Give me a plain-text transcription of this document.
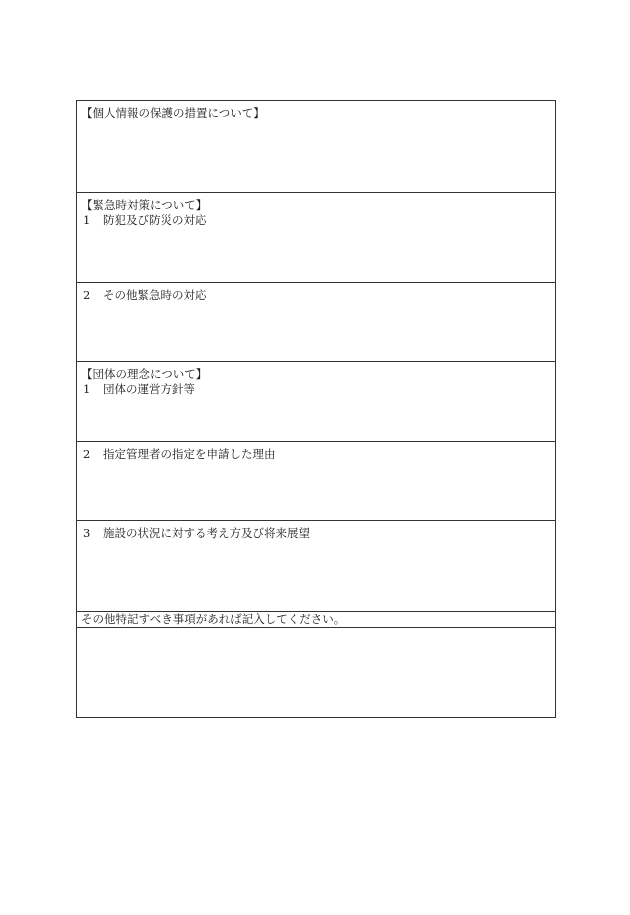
【個人情報の保護の措置について】
【緊急時対策について】
1 防犯及び防災の対応
2 その他緊急時の対応
【団体の理念について】
1 団体の運営方針等
2 指定管理者の指定を申請した理由
3 施設の状況に対する考え方及び将来展望
その他特記すべき事項があれば記入してください。
